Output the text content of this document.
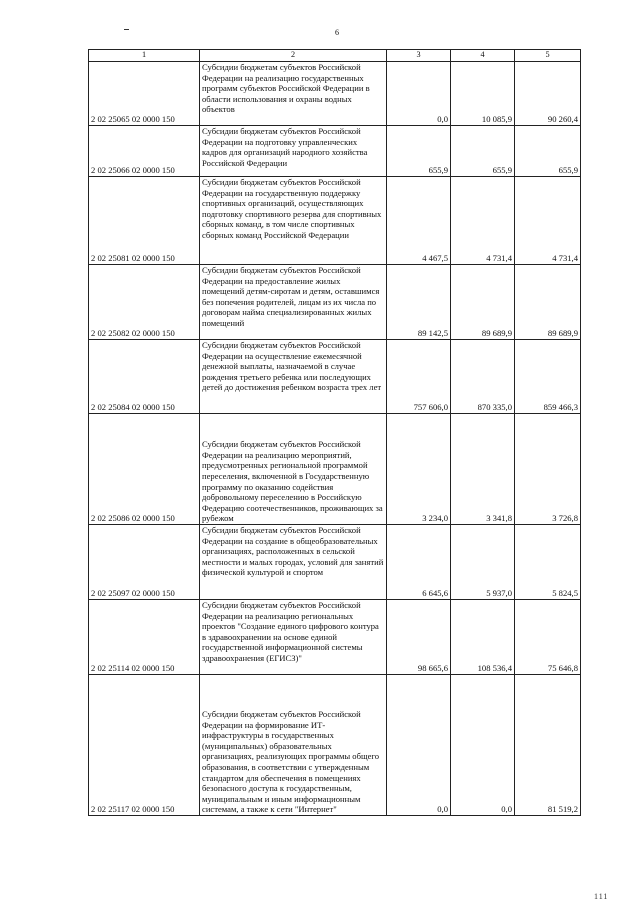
6
1	2	3	4	5
2 02 25065 02 0000 150	Субсидии бюджетам субъектов Российской Федерации на реализацию государственных программ субъектов Российской Федерации в области использования и охраны водных объектов	0,0	10 085,9	90 260,4
2 02 25066 02 0000 150	Субсидии бюджетам субъектов Российской Федерации на подготовку управленческих кадров для организаций народного хозяйства Российской Федерации	655,9	655,9	655,9
2 02 25081 02 0000 150	Субсидии бюджетам субъектов Российской Федерации на государственную поддержку спортивных организаций, осуществляющих подготовку спортивного резерва для спортивных сборных команд, в том числе спортивных сборных команд Российской Федерации	4 467,5	4 731,4	4 731,4
2 02 25082 02 0000 150	Субсидии бюджетам субъектов Российской Федерации на предоставление жилых помещений детям-сиротам и детям, оставшимся без попечения родителей, лицам из их числа по договорам найма специализированных жилых помещений	89 142,5	89 689,9	89 689,9
2 02 25084 02 0000 150	Субсидии бюджетам субъектов Российской Федерации на осуществление ежемесячной денежной выплаты, назначаемой в случае рождения третьего ребенка или последующих детей до достижения ребенком возраста трех лет	757 606,0	870 335,0	859 466,3
2 02 25086 02 0000 150	Субсидии бюджетам субъектов Российской Федерации на реализацию мероприятий, предусмотренных региональной программой переселения, включенной в Государственную программу по оказанию содействия добровольному переселению в Российскую Федерацию соотечественников, проживающих за рубежом	3 234,0	3 341,8	3 726,8
2 02 25097 02 0000 150	Субсидии бюджетам субъектов Российской Федерации на создание в общеобразовательных организациях, расположенных в сельской местности и малых городах, условий для занятий физической культурой и спортом	6 645,6	5 937,0	5 824,5
2 02 25114 02 0000 150	Субсидии бюджетам субъектов Российской Федерации на реализацию региональных проектов "Создание единого цифрового контура в здравоохранении на основе единой государственной информационной системы здравоохранения (ЕГИСЗ)"	98 665,6	108 536,4	75 646,8
2 02 25117 02 0000 150	Субсидии бюджетам субъектов Российской Федерации на формирование ИТ-инфраструктуры в государственных (муниципальных) образовательных организациях, реализующих программы общего образования, в соответствии с утвержденным стандартом для обеспечения в помещениях безопасного доступа к государственным, муниципальным и иным информационным системам, а также к сети "Интернет"	0,0	0,0	81 519,2
111
